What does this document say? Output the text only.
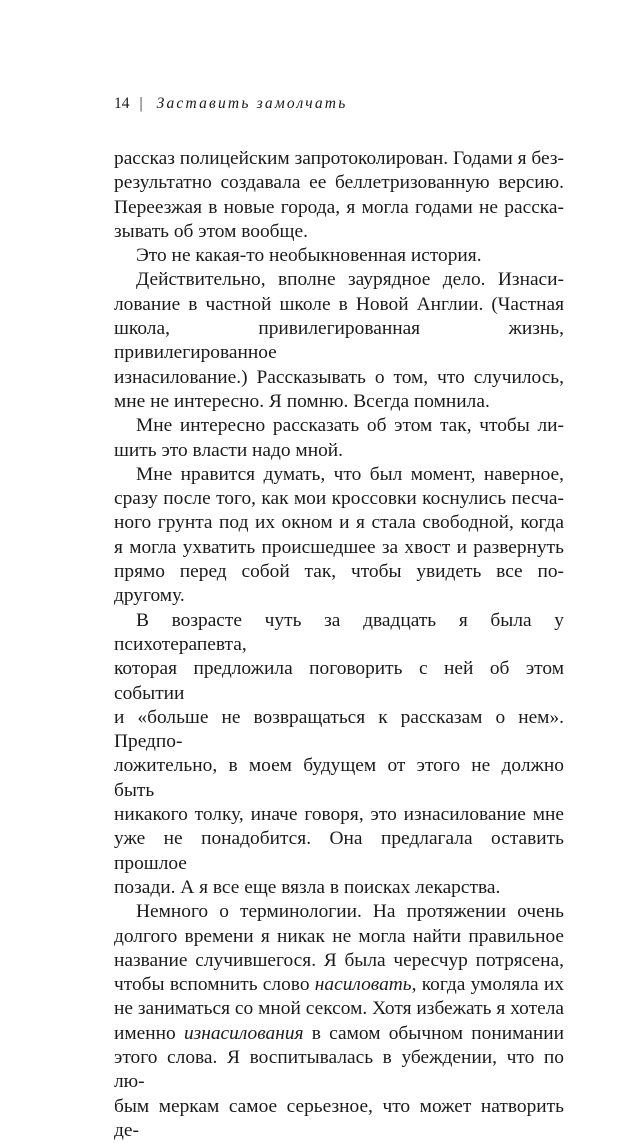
14 | Заставить замолчать

рассказ полицейским запротоколирован. Годами я без-

результатно создавала ее беллетризованную версию.

Переезжая в новые города, я могла годами не расска-

зывать об этом вообще.

Это не какая-то необыкновенная история.

Действительно, вполне заурядное дело. Изнаси-

лование в частной школе в Новой Англии. (Частная

школа, привилегированная жизнь, привилегированное

изнасилование.) Рассказывать о том, что случилось,

мне не интересно. Я помню. Всегда помнила.

Мне интересно рассказать об этом так, чтобы ли-

шить это власти надо мной.

Мне нравится думать, что был момент, наверное,

сразу после того, как мои кроссовки коснулись песча-

ного грунта под их окном и я стала свободной, когда

я могла ухватить происшедшее за хвост и развернуть

прямо перед собой так, чтобы увидеть все по-другому.

В возрасте чуть за двадцать я была у психотерапевта,

которая предложила поговорить с ней об этом событии

и «больше не возвращаться к рассказам о нем». Предпо-

ложительно, в моем будущем от этого не должно быть

никакого толку, иначе говоря, это изнасилование мне

уже не понадобится. Она предлагала оставить прошлое

позади. А я все еще вязла в поисках лекарства.

Немного о терминологии. На протяжении очень

долгого времени я никак не могла найти правильное

название случившегося. Я была чересчур потрясена,

чтобы вспомнить слово насиловать, когда умоляла их

не заниматься со мной сексом. Хотя избежать я хотела

именно изнасилования в самом обычном понимании

этого слова. Я воспитывалась в убеждении, что по лю-

бым меркам самое серьезное, что может натворить де-
